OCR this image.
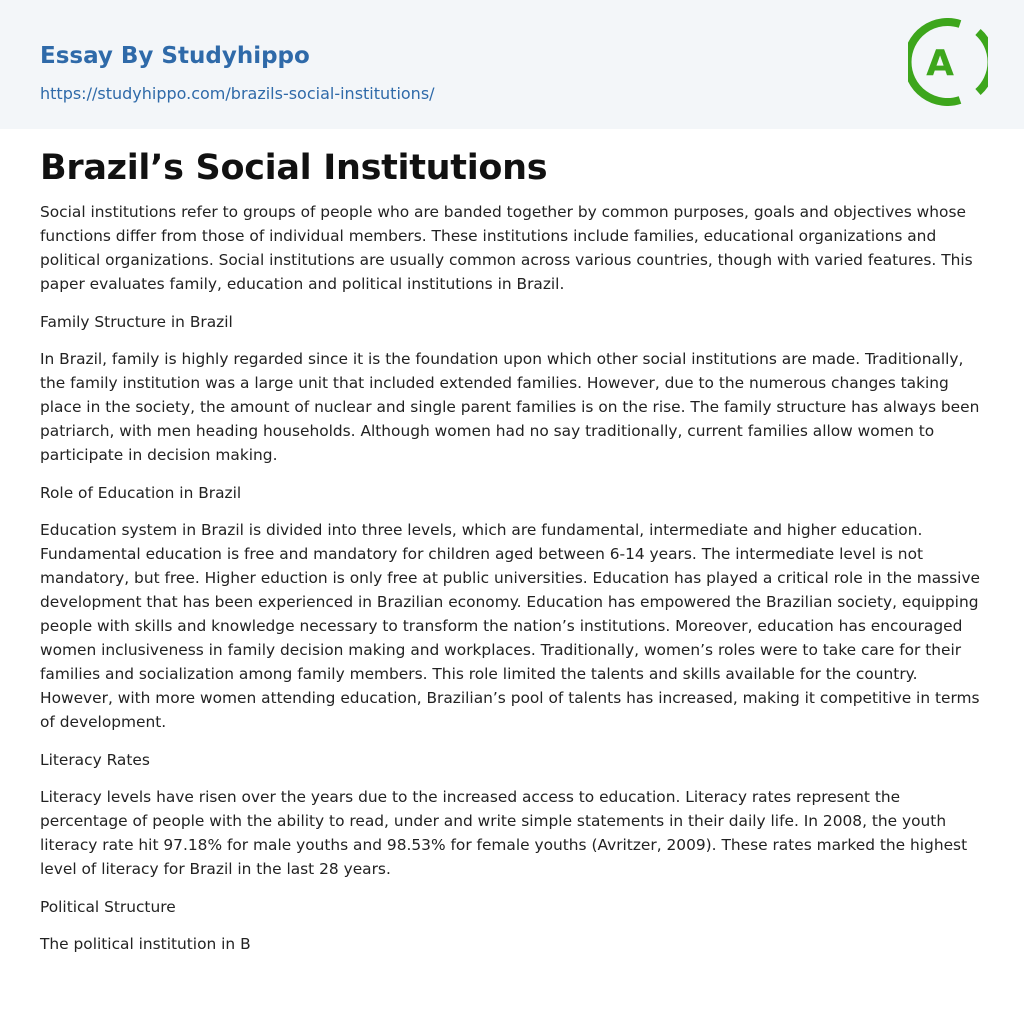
Essay By Studyhippo
https://studyhippo.com/brazils-social-institutions/
A
Brazil’s Social Institutions

Social institutions refer to groups of people who are banded together by common purposes, goals and objectives whose functions differ from those of individual members. These institutions include families, educational organizations and political organizations. Social institutions are usually common across various countries, though with varied features. This paper evaluates family, education and political institutions in Brazil.

Family Structure in Brazil

In Brazil, family is highly regarded since it is the foundation upon which other social institutions are made. Traditionally, the family institution was a large unit that included extended families. However, due to the numerous changes taking place in the society, the amount of nuclear and single parent families is on the rise. The family structure has always been patriarch, with men heading households. Although women had no say traditionally, current families allow women to participate in decision making.

Role of Education in Brazil

Education system in Brazil is divided into three levels, which are fundamental, intermediate and higher education. Fundamental education is free and mandatory for children aged between 6-14 years. The intermediate level is not mandatory, but free. Higher eduction is only free at public universities. Education has played a critical role in the massive development that has been experienced in Brazilian economy. Education has empowered the Brazilian society, equipping people with skills and knowledge necessary to transform the nation’s institutions. Moreover, education has encouraged women inclusiveness in family decision making and workplaces. Traditionally, women’s roles were to take care for their families and socialization among family members. This role limited the talents and skills available for the country. However, with more women attending education, Brazilian’s pool of talents has increased, making it competitive in terms of development.

Literacy Rates

Literacy levels have risen over the years due to the increased access to education. Literacy rates represent the percentage of people with the ability to read, under and write simple statements in their daily life. In 2008, the youth literacy rate hit 97.18% for male youths and 98.53% for female youths (Avritzer, 2009). These rates marked the highest level of literacy for Brazil in the last 28 years.

Political Structure

The political institution in B
